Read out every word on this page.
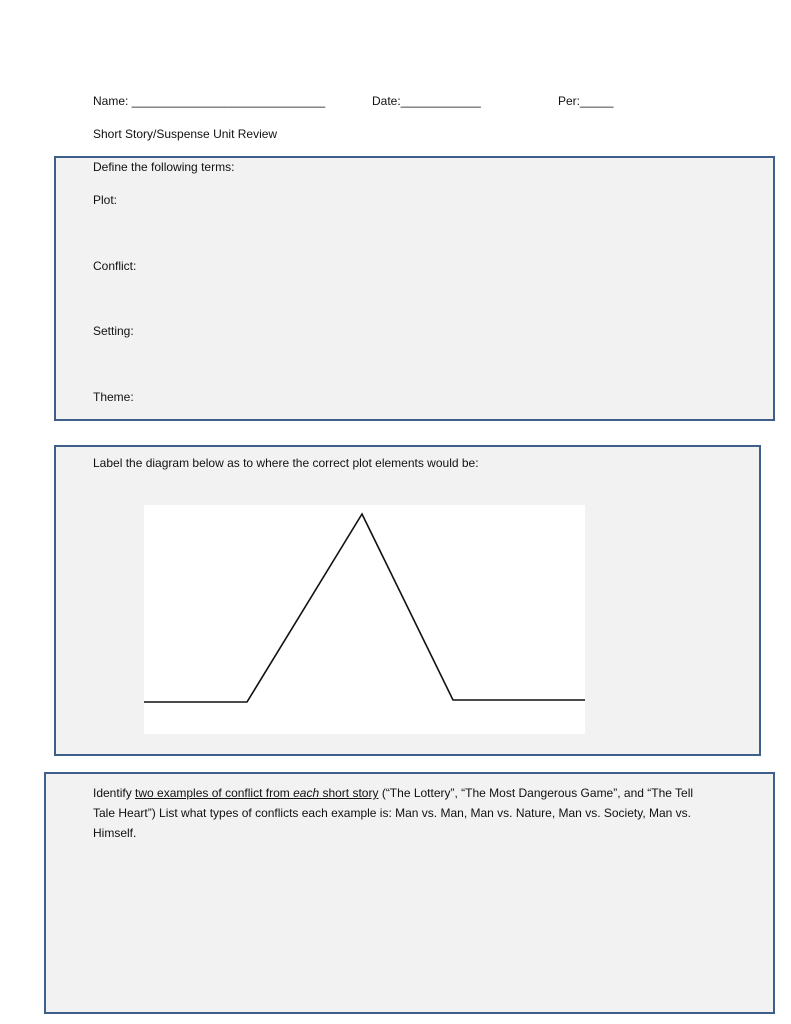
Name: _____________________________	Date:____________	Per:_____
Short Story/Suspense Unit Review
Define the following terms:
Plot:
Conflict:
Setting:
Theme:
Label the diagram below as to where the correct plot elements would be:
Identify two examples of conflict from each short story (“The Lottery”, “The Most Dangerous Game”, and “The Tell Tale Heart”) List what types of conflicts each example is: Man vs. Man, Man vs. Nature, Man vs. Society, Man vs. Himself.
